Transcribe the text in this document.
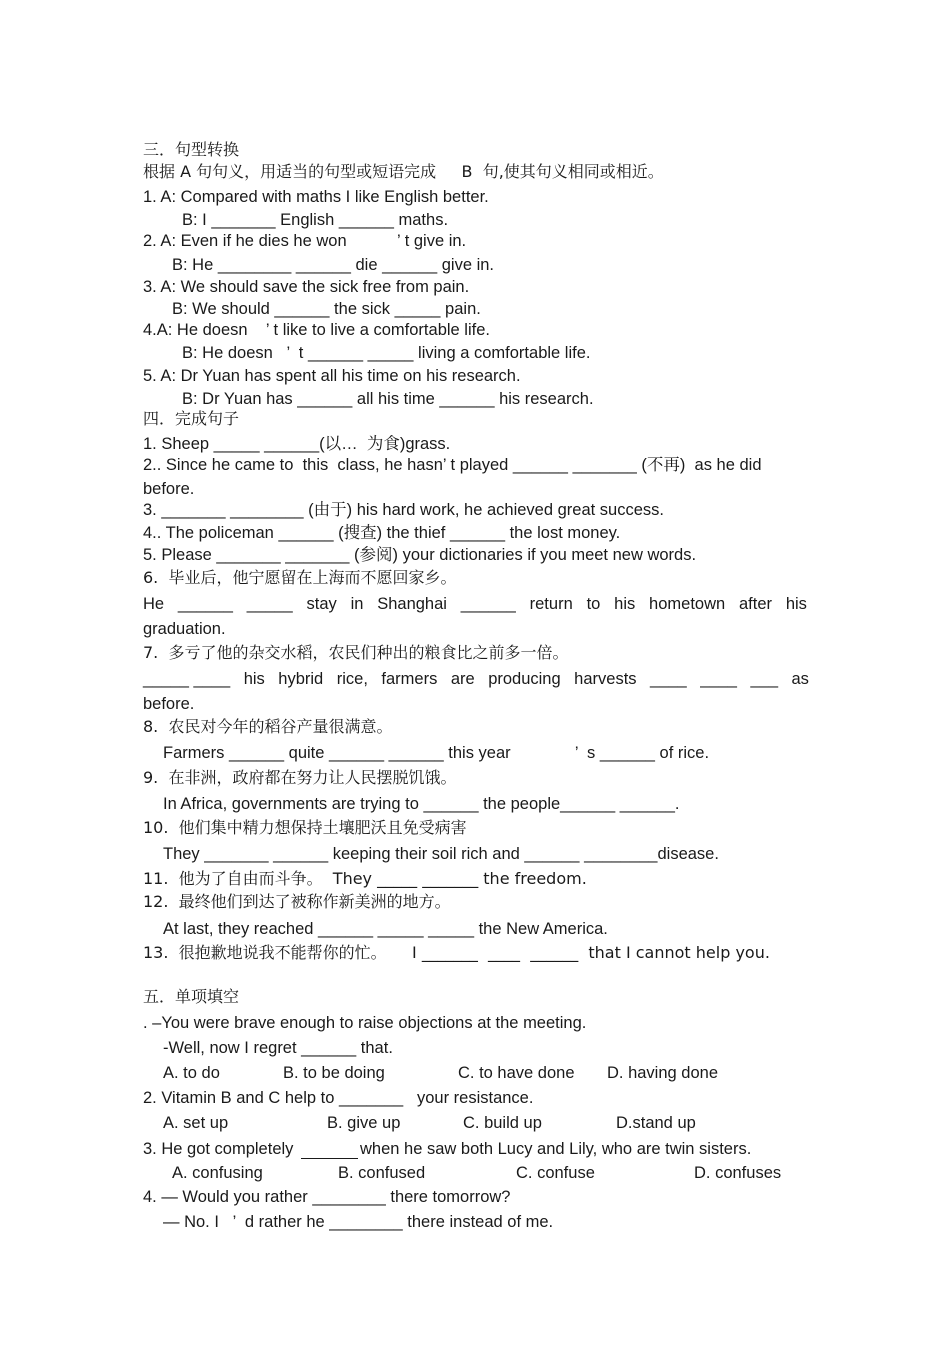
三．句型转换
根据 A 句句义，用适当的句型或短语完成     B  句,使其句义相同或相近。
1. A: Compared with maths I like English better.
B: I _______ English ______ maths.
2. A: Even if he dies he won           ’ t give in.
B: He ________ ______ die ______ give in.
3. A: We should save the sick free from pain.
B: We should ______ the sick _____ pain.
4.A: He doesn    ’ t like to live a comfortable life.
B: He doesn   ’  t ______ _____ living a comfortable life.
5. A: Dr Yuan has spent all his time on his research.
B: Dr Yuan has ______ all his time ______ his research.
四．完成句子
1. Sheep _____ ______(以…  为食)grass.
2.. Since he came to  this  class, he hasn’ t played ______ _______ (不再)  as he did
before.
3. _______ ________ (由于) his hard work, he achieved great success.
4.. The policeman ______ (搜查) the thief ______ the lost money.
5. Please _______ _______ (参阅) your dictionaries if you meet new words.
6.  毕业后，他宁愿留在上海而不愿回家乡。
He ______ _____ stay in Shanghai ______ return to his hometown after his
graduation.
7.  多亏了他的杂交水稻，农民们种出的粮食比之前多一倍。
_____ ____ his hybrid rice, farmers are producing harvests ____ ____ ___ as
before.
8.  农民对今年的稻谷产量很满意。
Farmers ______ quite ______ ______ this year              ’  s ______ of rice.
9.  在非洲，政府都在努力让人民摆脱饥饿。
In Africa, governments are trying to ______ the people______ ______.
10.  他们集中精力想保持土壤肥沃且免受病害
They _______ ______ keeping their soil rich and ______ ________disease.
11.  他为了自由而斗争。  They _____ _______ the freedom.
12.  最终他们到达了被称作新美洲的地方。
At last, they reached ______ _____ _____ the New America.
13.  很抱歉地说我不能帮你的忙。     I _______  ____  ______  that I cannot help you.
五．单项填空
. –You were brave enough to raise objections at the meeting.
-Well, now I regret ______ that.
A. to do	B. to be doing	C. to have done D. having done
2. Vitamin B and C help to _______   your resistance.
A. set up	B. give up	C. build up	D.stand up
3. He got completely	when he saw both Lucy and Lily, who are twin sisters.
A. confusing	B. confused	C. confuse	D. confuses
4. — Would you rather ________ there tomorrow?
— No. I   ’  d rather he ________ there instead of me.
